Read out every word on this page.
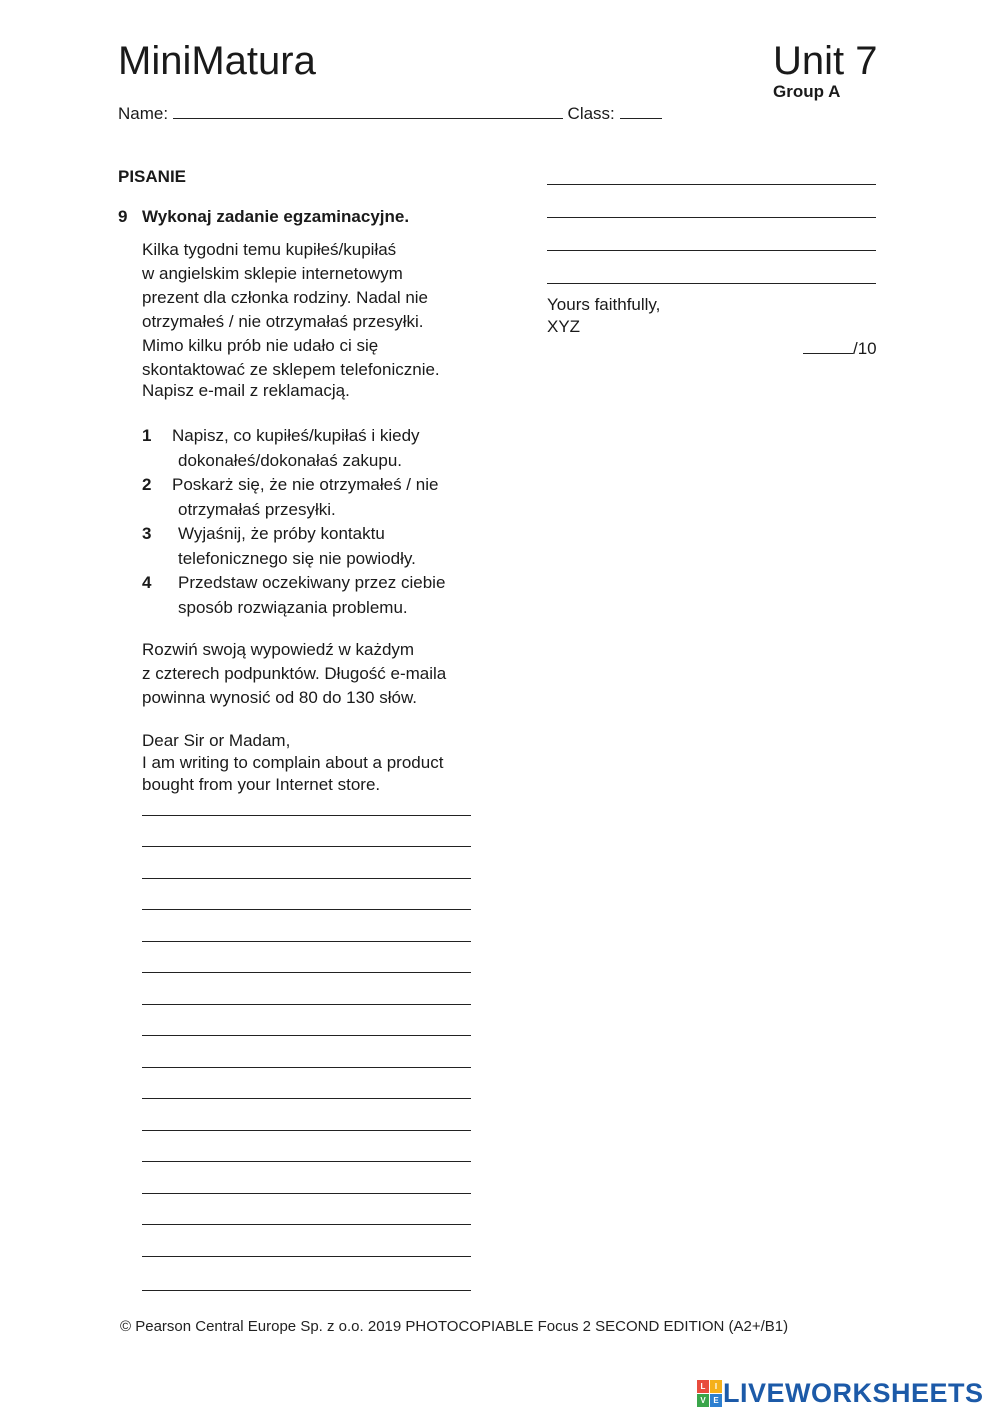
MiniMatura	Unit 7
Group A
Name:	Class:
PISANIE
9 Wykonaj zadanie egzaminacyjne.
Kilka tygodni temu kupiłeś/kupiłaś
w angielskim sklepie internetowym
prezent dla członka rodziny. Nadal nie
otrzymałeś / nie otrzymałaś przesyłki.
Mimo kilku prób nie udało ci się
skontaktować ze sklepem telefonicznie.
Napisz e-mail z reklamacją.
1 Napisz, co kupiłeś/kupiłaś i kiedy
dokonałeś/dokonałaś zakupu.
2 Poskarż się, że nie otrzymałeś / nie
otrzymałaś przesyłki.
3	Wyjaśnij, że próby kontaktu
telefonicznego się nie powiodły.
4	Przedstaw oczekiwany przez ciebie
sposób rozwiązania problemu.
Rozwiń swoją wypowiedź w każdym
z czterech podpunktów. Długość e-maila
powinna wynosić od 80 do 130 słów.
Dear Sir or Madam,
I am writing to complain about a product
bought from your Internet store.
Yours faithfully,
XYZ
/10
© Pearson Central Europe Sp. z o.o. 2019 PHOTOCOPIABLE Focus 2 SECOND EDITION (A2+/B1)
L	I
V E LIVEWORKSHEETS
